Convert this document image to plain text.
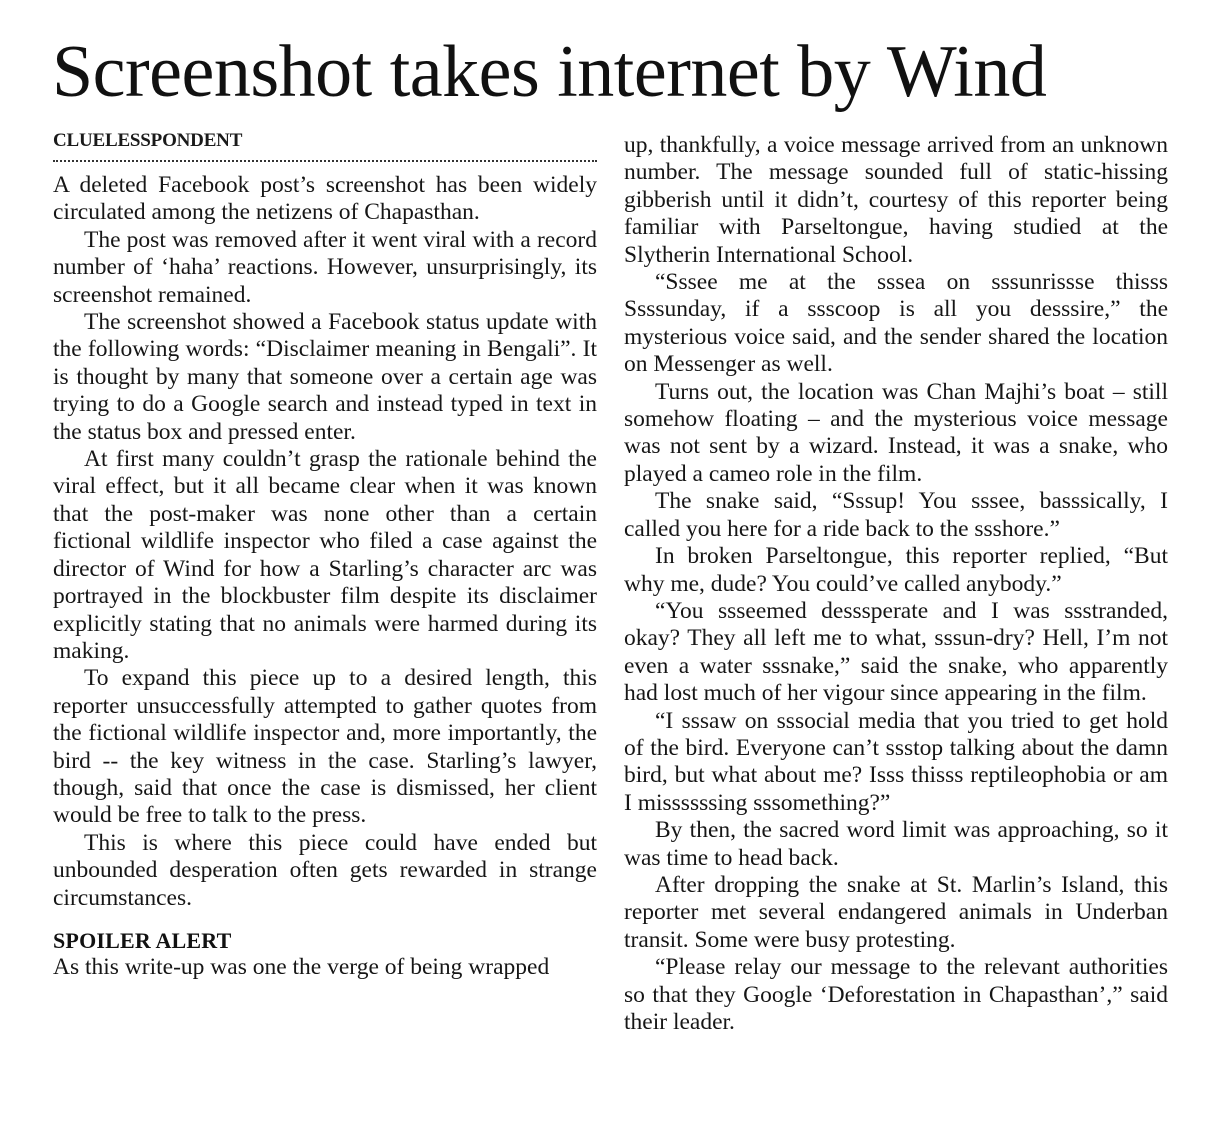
Screenshot takes internet by Wind
CLUELESSPONDENT

A deleted Facebook post’s screenshot has been widely circulated among the netizens of Chapasthan.

The post was removed after it went viral with a record number of ‘haha’ reactions. However, unsurprisingly, its screenshot remained.

The screenshot showed a Facebook status update with the following words: “Disclaimer meaning in Bengali”. It is thought by many that someone over a certain age was trying to do a Google search and instead typed in text in the status box and pressed enter.

At first many couldn’t grasp the rationale behind the viral effect, but it all became clear when it was known that the post-maker was none other than a certain fictional wildlife inspector who filed a case against the director of Wind for how a Starling’s character arc was portrayed in the blockbuster film despite its disclaimer explicitly stating that no animals were harmed during its making.

To expand this piece up to a desired length, this reporter unsuccessfully attempted to gather quotes from the fictional wildlife inspector and, more importantly, the bird -- the key witness in the case. Starling’s lawyer, though, said that once the case is dismissed, her client would be free to talk to the press.

This is where this piece could have ended but unbounded desperation often gets rewarded in strange circumstances.

SPOILER ALERT

As this write-up was one the verge of being wrapped

up, thankfully, a voice message arrived from an unknown number. The message sounded full of static-hissing gibberish until it didn’t, courtesy of this reporter being familiar with Parseltongue, having studied at the Slytherin International School.

“Sssee me at the sssea on sssunrissse thisss Ssssunday, if a ssscoop is all you desssire,” the mysterious voice said, and the sender shared the location on Messenger as well.

Turns out, the location was Chan Majhi’s boat – still somehow floating – and the mysterious voice message was not sent by a wizard. Instead, it was a snake, who played a cameo role in the film.

The snake said, “Sssup! You sssee, basssically, I called you here for a ride back to the ssshore.”

In broken Parseltongue, this reporter replied, “But why me, dude? You could’ve called anybody.”

“You ssseemed desssperate and I was ssstranded, okay? They all left me to what, sssun-dry? Hell, I’m not even a water sssnake,” said the snake, who apparently had lost much of her vigour since appearing in the film.

“I sssaw on sssocial media that you tried to get hold of the bird. Everyone can’t ssstop talking about the damn bird, but what about me? Isss thisss reptileophobia or am I missssssing sssomething?”

By then, the sacred word limit was approaching, so it was time to head back.

After dropping the snake at St. Marlin’s Island, this reporter met several endangered animals in Underban transit. Some were busy protesting.

“Please relay our message to the relevant authorities so that they Google ‘Deforestation in Chapasthan’,” said their leader.
